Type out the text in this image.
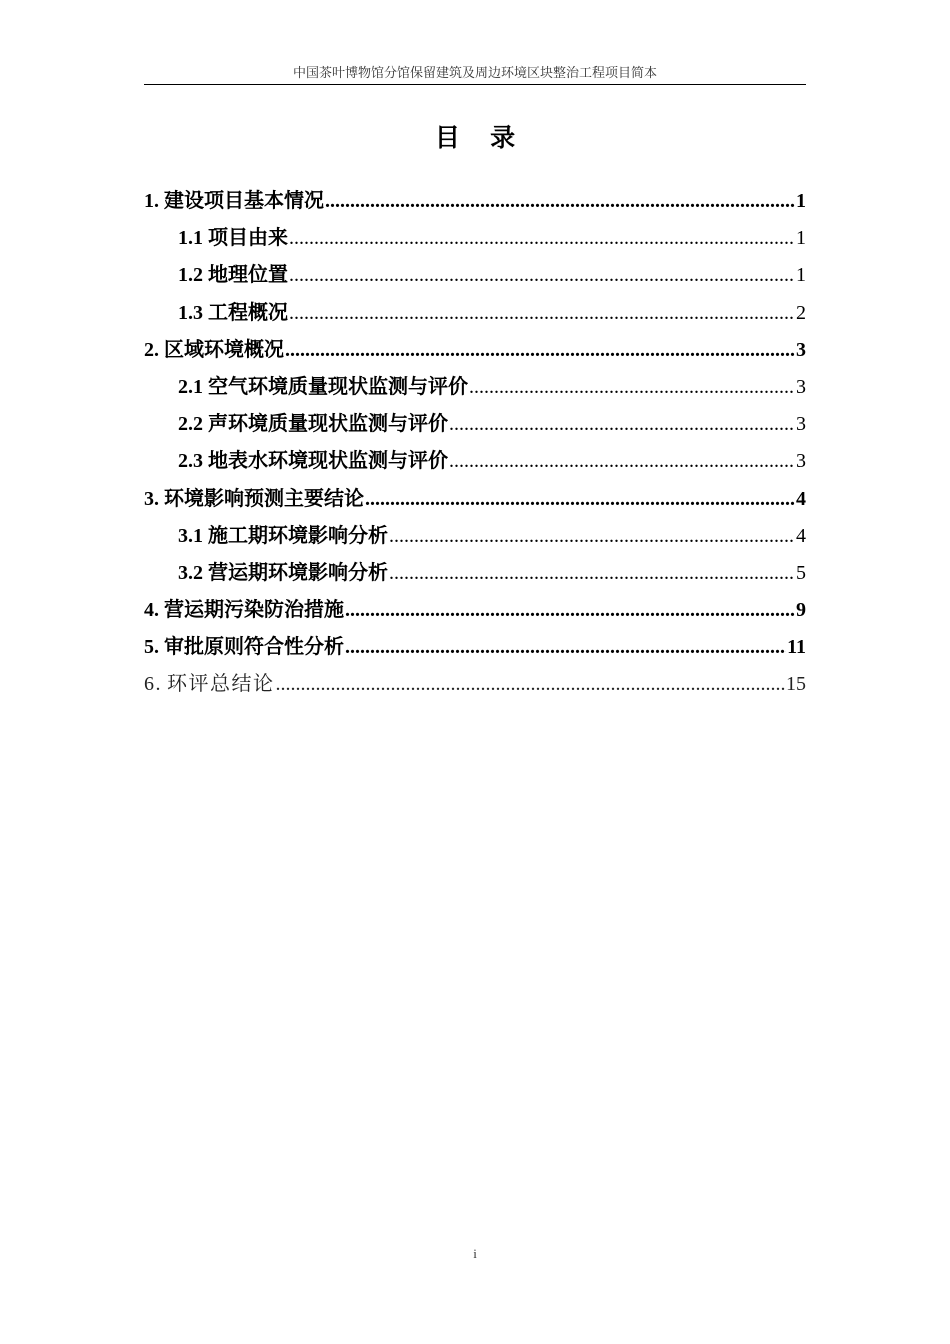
中国茶叶博物馆分馆保留建筑及周边环境区块整治工程项目简本
目 录
1. 建设项目基本情况 .....	1
1.1 项目由来 .....	1
1.2 地理位置 .....	1
1.3 工程概况 .....	2
2. 区域环境概况 .....	3
2.1 空气环境质量现状监测与评价 .....	3
2.2 声环境质量现状监测与评价 .....	3
2.3 地表水环境现状监测与评价 .....	3
3. 环境影响预测主要结论 .....	4
3.1 施工期环境影响分析 .....	4
3.2 营运期环境影响分析 .....	5
4. 营运期污染防治措施 .....	9
5. 审批原则符合性分析 .....	11
6. 环评总结论 .....	15
i
